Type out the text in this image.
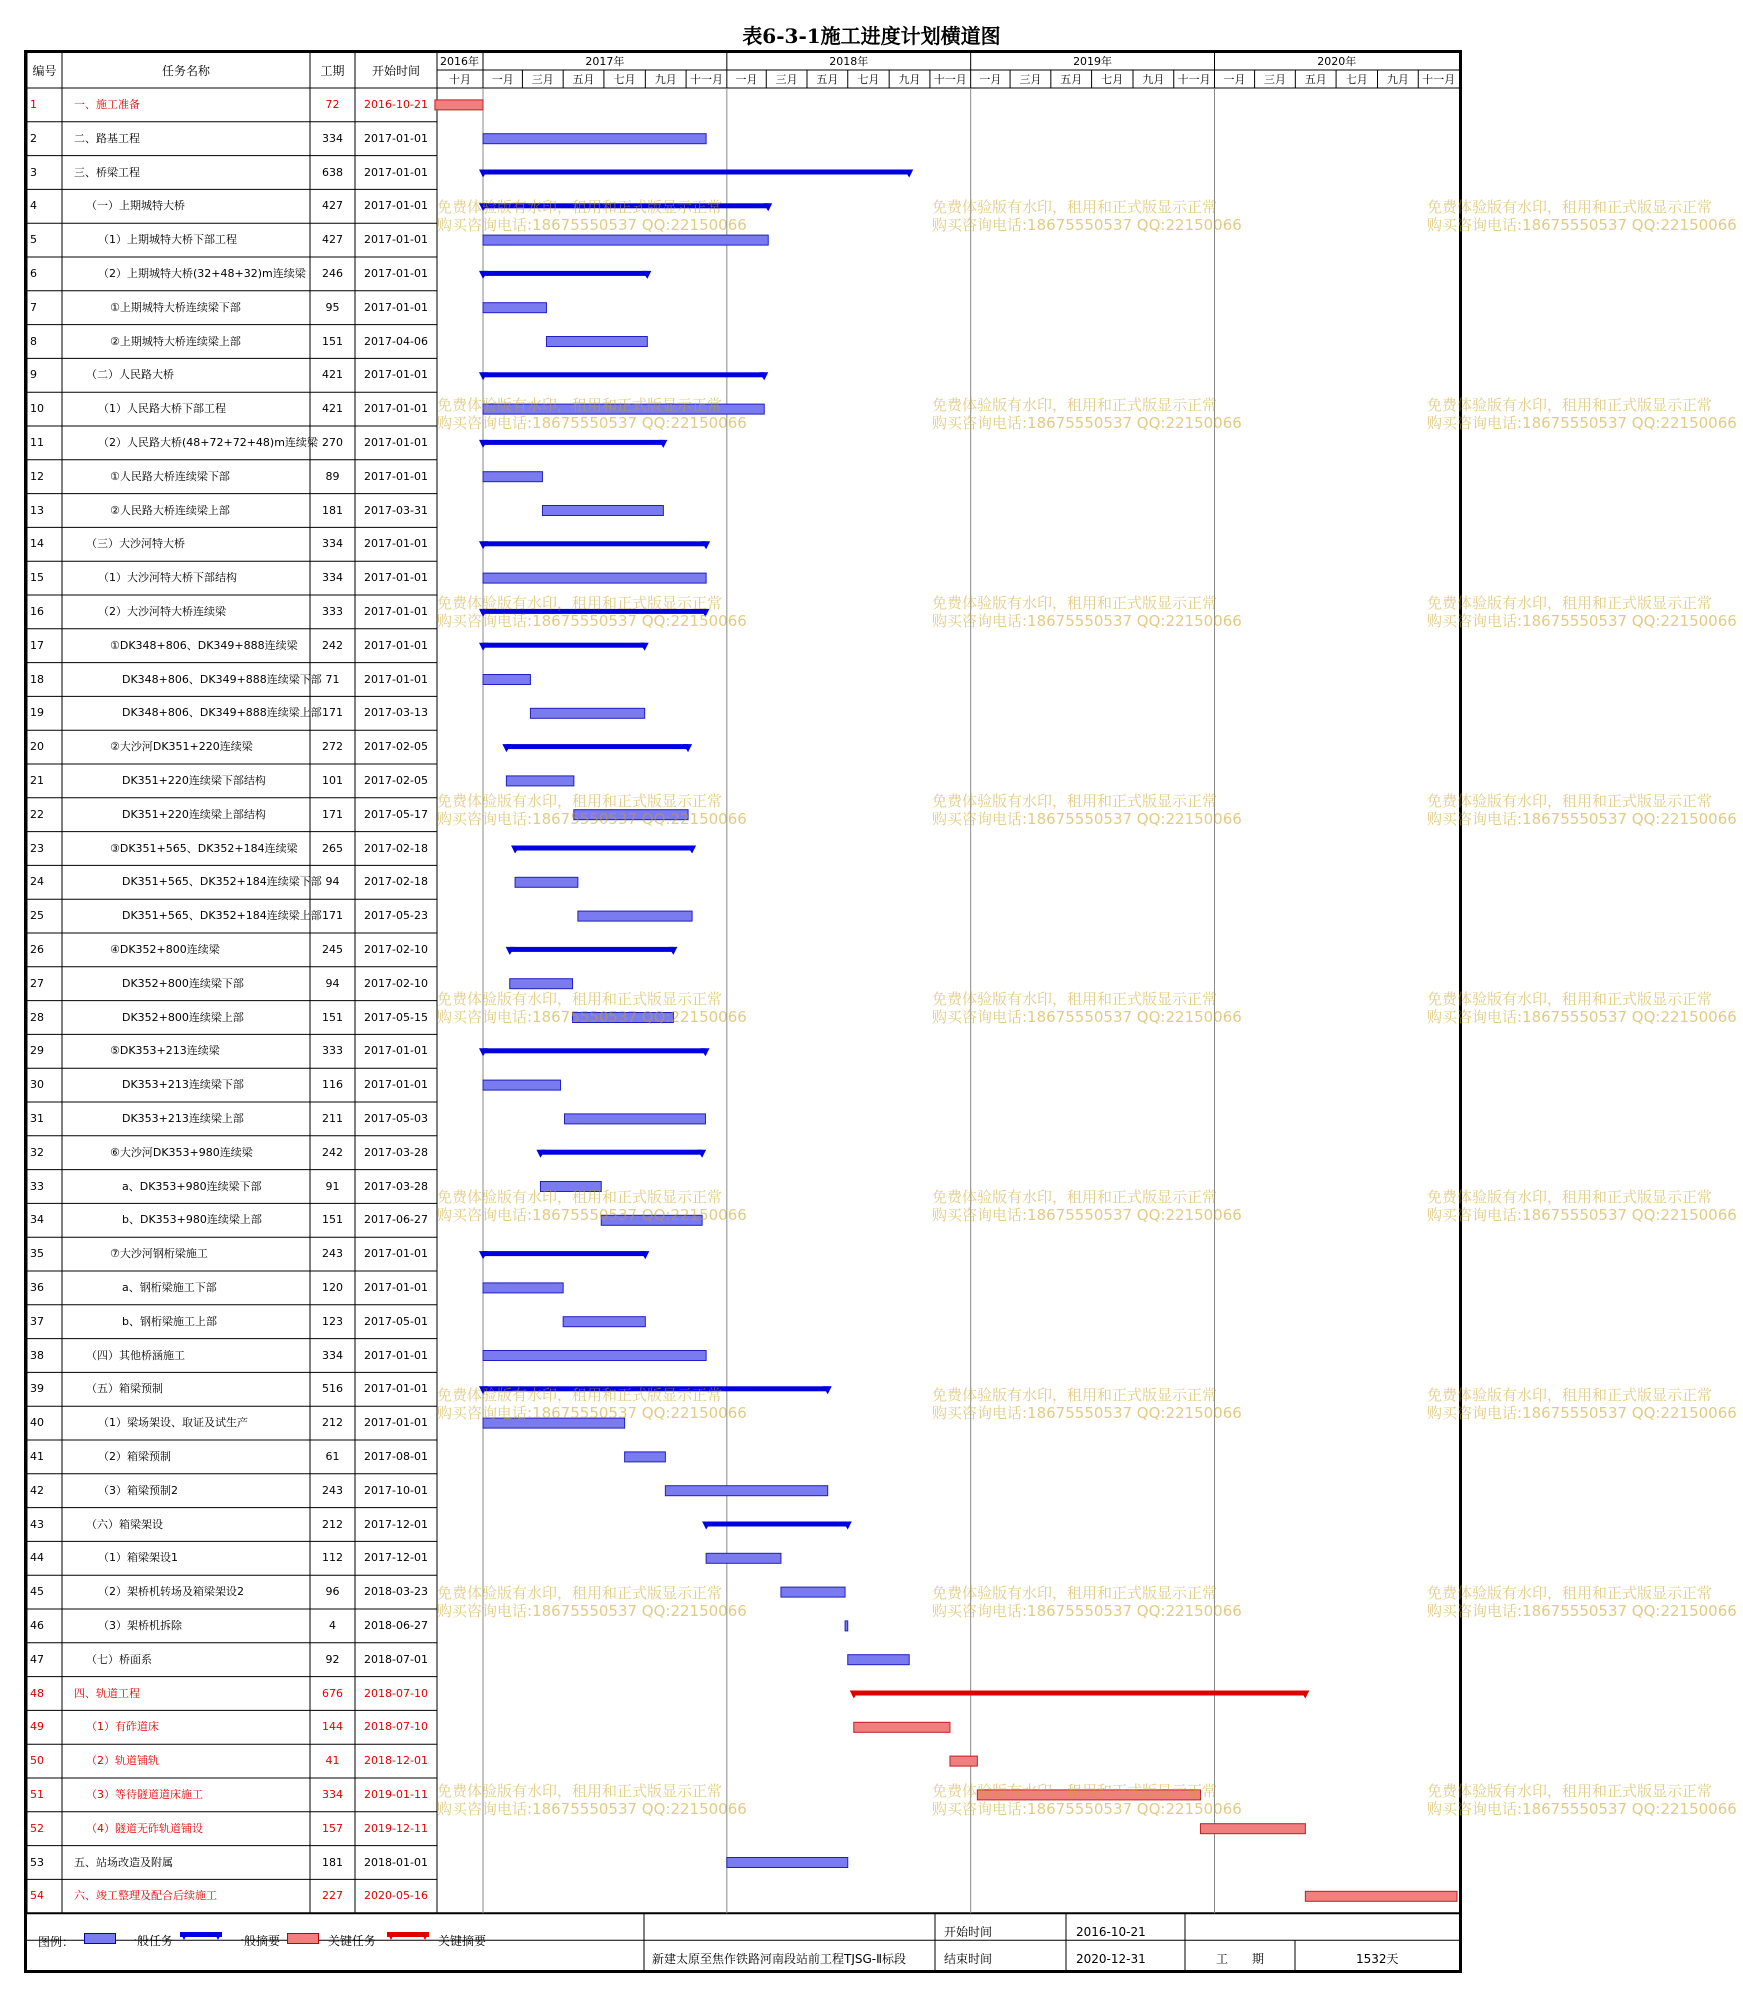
表6-3-1施工进度计划横道图
编号	任务名称	工期	开始时间
2016年	2017年	2018年	2019年	2020年
十月	一月	三月	五月	七月	九月	十一月	一月	三月	五月	七月	九月	十一月	一月	三月	五月	七月	九月	十一月	一月	三月	五月	七月	九月	十一月
1	一、施工准备	72	2016-10-21
2	二、路基工程	334	2017-01-01
3	三、桥梁工程	638	2017-01-01
4	（一）上期城特大桥	427	2017-01-01
5	（1）上期城特大桥下部工程	427	2017-01-01
6	（2）上期城特大桥(32+48+32)m连续梁	246	2017-01-01
7	①上期城特大桥连续梁下部	95	2017-01-01
8	②上期城特大桥连续梁上部	151	2017-04-06
9	（二）人民路大桥	421	2017-01-01
10	（1）人民路大桥下部工程	421	2017-01-01
11	（2）人民路大桥(48+72+72+48)m连续梁 270	2017-01-01
12	①人民路大桥连续梁下部	89	2017-01-01
13	②人民路大桥连续梁上部	181	2017-03-31
14	（三）大沙河特大桥	334	2017-01-01
15	（1）大沙河特大桥下部结构	334	2017-01-01
16	（2）大沙河特大桥连续梁	333	2017-01-01
17	①DK348+806、DK349+888连续梁	242	2017-01-01
18	DK348+806、DK349+888连续梁下部 71	2017-01-01
19	DK348+806、DK349+888连续梁上部 171	2017-03-13
20	②大沙河DK351+220连续梁	272	2017-02-05
21	DK351+220连续梁下部结构	101	2017-02-05
22	DK351+220连续梁上部结构	171	2017-05-17
23	③DK351+565、DK352+184连续梁	265	2017-02-18
24	DK351+565、DK352+184连续梁下部 94	2017-02-18
25	DK351+565、DK352+184连续梁上部 171	2017-05-23
26	④DK352+800连续梁	245	2017-02-10
27	DK352+800连续梁下部	94	2017-02-10
28	DK352+800连续梁上部	151	2017-05-15
29	⑤DK353+213连续梁	333	2017-01-01
30	DK353+213连续梁下部	116	2017-01-01
31	DK353+213连续梁上部	211	2017-05-03
32	⑥大沙河DK353+980连续梁	242	2017-03-28
33	a、DK353+980连续梁下部	91	2017-03-28
34	b、DK353+980连续梁上部	151	2017-06-27
35	⑦大沙河钢桁梁施工	243	2017-01-01
36	a、钢桁梁施工下部	120	2017-01-01
37	b、钢桁梁施工上部	123	2017-05-01
38	（四）其他桥涵施工	334	2017-01-01
39	（五）箱梁预制	516	2017-01-01
40	（1）梁场架设、取证及试生产	212	2017-01-01
41	（2）箱梁预制	61	2017-08-01
42	（3）箱梁预制2	243	2017-10-01
43	（六）箱梁架设	212	2017-12-01
44	（1）箱梁架设1	112	2017-12-01
45	（2）架桥机转场及箱梁架设2	96	2018-03-23
46	（3）架桥机拆除	4	2018-06-27
47	（七）桥面系	92	2018-07-01
48	四、轨道工程	676	2018-07-10
49	（1）有砟道床	144	2018-07-10
50	（2）轨道铺轨	41	2018-12-01
51	（3）等待隧道道床施工	334	2019-01-11
52	（4）隧道无砟轨道铺设	157	2019-12-11
53	五、站场改造及附属	181	2018-01-01
54	六、竣工整理及配合后续施工	227	2020-05-16
图例：	一般任务	一般摘要	关键任务	关键摘要
新建太原至焦作铁路河南段站前工程TJSG-Ⅱ标段
开始时间	2016-10-21
结束时间	2020-12-31	工　　期	1532天
免费体验版有水印，租用和正式版显示正常
购买咨询电话:18675550537 QQ:22150066
免费体验版有水印，租用和正式版显示正常
购买咨询电话:18675550537 QQ:22150066
免费体验版有水印，租用和正式版显示正常
购买咨询电话:18675550537 QQ:22150066
免费体验版有水印，租用和正式版显示正常
购买咨询电话:18675550537 QQ:22150066
免费体验版有水印，租用和正式版显示正常
购买咨询电话:18675550537 QQ:22150066
免费体验版有水印，租用和正式版显示正常
购买咨询电话:18675550537 QQ:22150066
免费体验版有水印，租用和正式版显示正常
购买咨询电话:18675550537 QQ:22150066
免费体验版有水印，租用和正式版显示正常
购买咨询电话:18675550537 QQ:22150066
免费体验版有水印，租用和正式版显示正常
购买咨询电话:18675550537 QQ:22150066
免费体验版有水印，租用和正式版显示正常
购买咨询电话:18675550537 QQ:22150066
免费体验版有水印，租用和正式版显示正常
购买咨询电话:18675550537 QQ:22150066
免费体验版有水印，租用和正式版显示正常
购买咨询电话:18675550537 QQ:22150066
免费体验版有水印，租用和正式版显示正常
购买咨询电话:18675550537 QQ:22150066
免费体验版有水印，租用和正式版显示正常
购买咨询电话:18675550537 QQ:22150066
免费体验版有水印，租用和正式版显示正常
购买咨询电话:18675550537 QQ:22150066
免费体验版有水印，租用和正式版显示正常
购买咨询电话:18675550537 QQ:22150066
免费体验版有水印，租用和正式版显示正常
购买咨询电话:18675550537 QQ:22150066
免费体验版有水印，租用和正式版显示正常
购买咨询电话:18675550537 QQ:22150066
免费体验版有水印，租用和正式版显示正常
购买咨询电话:18675550537 QQ:22150066
免费体验版有水印，租用和正式版显示正常
购买咨询电话:18675550537 QQ:22150066
免费体验版有水印，租用和正式版显示正常
购买咨询电话:18675550537 QQ:22150066
免费体验版有水印，租用和正式版显示正常
购买咨询电话:18675550537 QQ:22150066
免费体验版有水印，租用和正式版显示正常
购买咨询电话:18675550537 QQ:22150066
免费体验版有水印，租用和正式版显示正常
购买咨询电话:18675550537 QQ:22150066
免费体验版有水印，租用和正式版显示正常
购买咨询电话:18675550537 QQ:22150066
免费体验版有水印，租用和正式版显示正常
购买咨询电话:18675550537 QQ:22150066
免费体验版有水印，租用和正式版显示正常
购买咨询电话:18675550537 QQ:22150066
